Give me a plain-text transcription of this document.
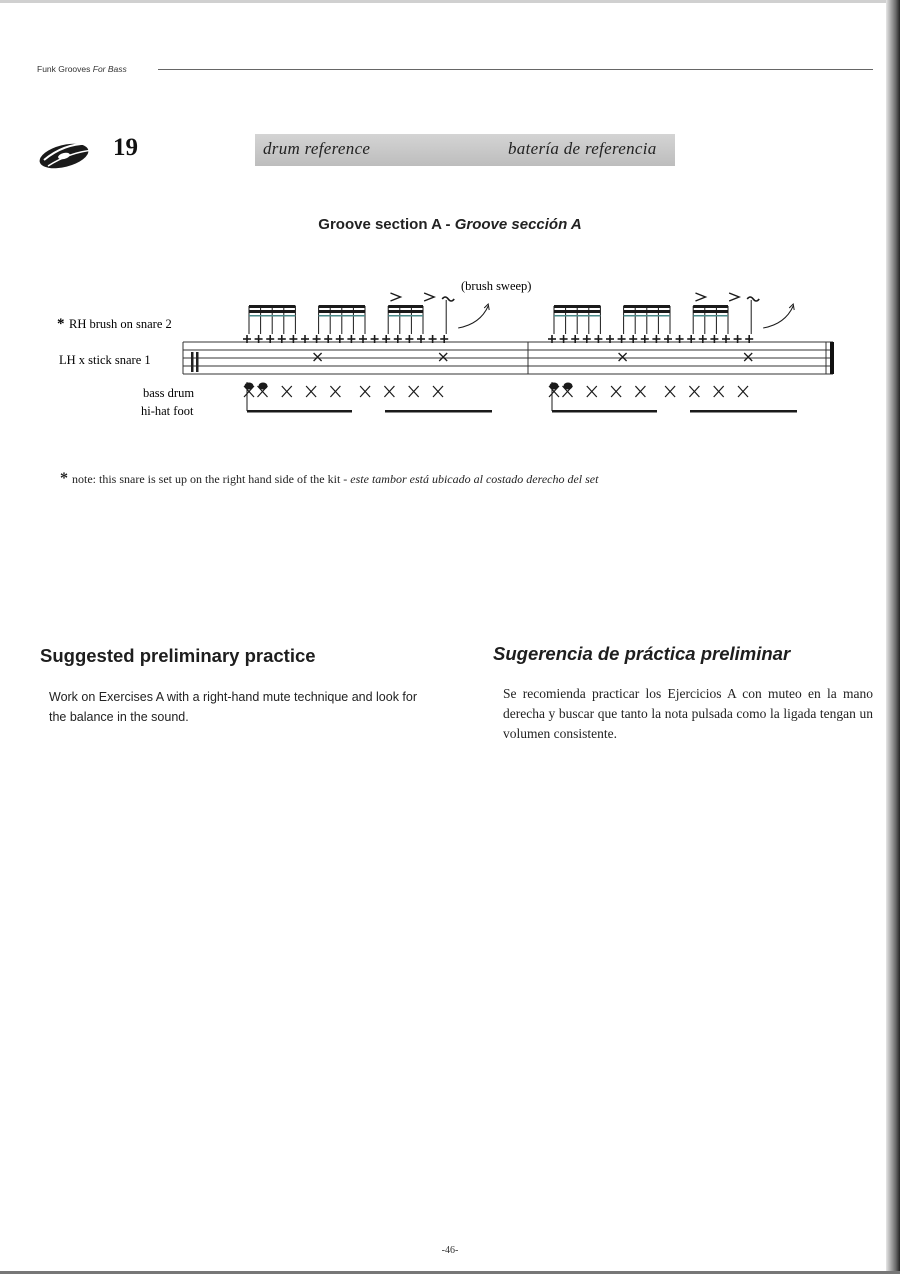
Funk Grooves For Bass
19	drum reference	batería de referencia
Groove section A - Groove sección A
* RH brush on snare 2
LH x stick snare 1
bass drum
hi-hat foot
(brush sweep)
* note: this snare is set up on the right hand side of the kit - este tambor está ubicado al costado derecho del set
Suggested preliminary practice
Work on Exercises A with a right-hand mute technique and look for the balance in the sound.
Sugerencia de práctica preliminar
Se recomienda practicar los Ejercicios A con muteo en la mano derecha y buscar que tanto la nota pulsada como la ligada tengan un volumen consistente.
-46-
